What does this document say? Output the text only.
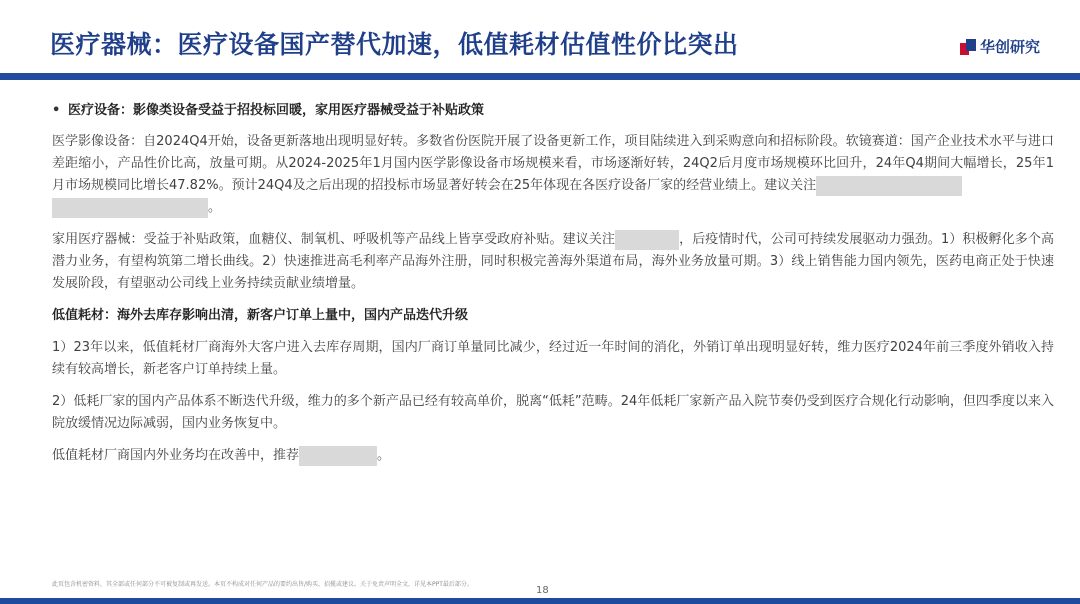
医疗器械：医疗设备国产替代加速，低值耗材估值性价比突出	华创研究
• 医疗设备：影像类设备受益于招投标回暖，家用医疗器械受益于补贴政策

医学影像设备：自2024Q4开始，设备更新落地出现明显好转。多数省份医院开展了设备更新工作，项目陆续进入到采购意向和招标阶段。软镜赛道：国产企业技术水平与进口差距缩小，产品性价比高，放量可期。从2024-2025年1月国内医学影像设备市场规模来看，市场逐渐好转，24Q2后月度市场规模环比回升，24年Q4期间大幅增长，25年1月市场规模同比增长47.82%。预计24Q4及之后出现的招投标市场显著好转会在25年体现在各医疗设备厂家的经营业绩上。建议关注
。

家用医疗器械：受益于补贴政策，血糖仪、制氧机、呼吸机等产品线上皆享受政府补贴。建议关注	，后疫情时代，公司可持续发展驱动力强劲。1）积极孵化多个高潜力业务，有望构筑第二增长曲线。2）快速推进高毛利率产品海外注册，同时积极完善海外渠道布局，海外业务放量可期。3）线上销售能力国内领先，医药电商正处于快速发展阶段，有望驱动公司线上业务持续贡献业绩增量。

低值耗材：海外去库存影响出清，新客户订单上量中，国内产品迭代升级

1）23年以来，低值耗材厂商海外大客户进入去库存周期，国内厂商订单量同比减少，经过近一年时间的消化，外销订单出现明显好转，维力医疗2024年前三季度外销收入持续有较高增长，新老客户订单持续上量。

2）低耗厂家的国内产品体系不断迭代升级，维力的多个新产品已经有较高单价，脱离“低耗”范畴。24年低耗厂家新产品入院节奏仍受到医疗合规化行动影响，但四季度以来入院放缓情况边际减弱，国内业务恢复中。

低值耗材厂商国内外业务均在改善中，推荐	。

此页包含机密资料，其全部或任何部分不可被复制或再发送。本页不构成对任何产品的要约出售/购买、招揽或建议。关于免责声明全文，详见本PPT最后部分。
18
